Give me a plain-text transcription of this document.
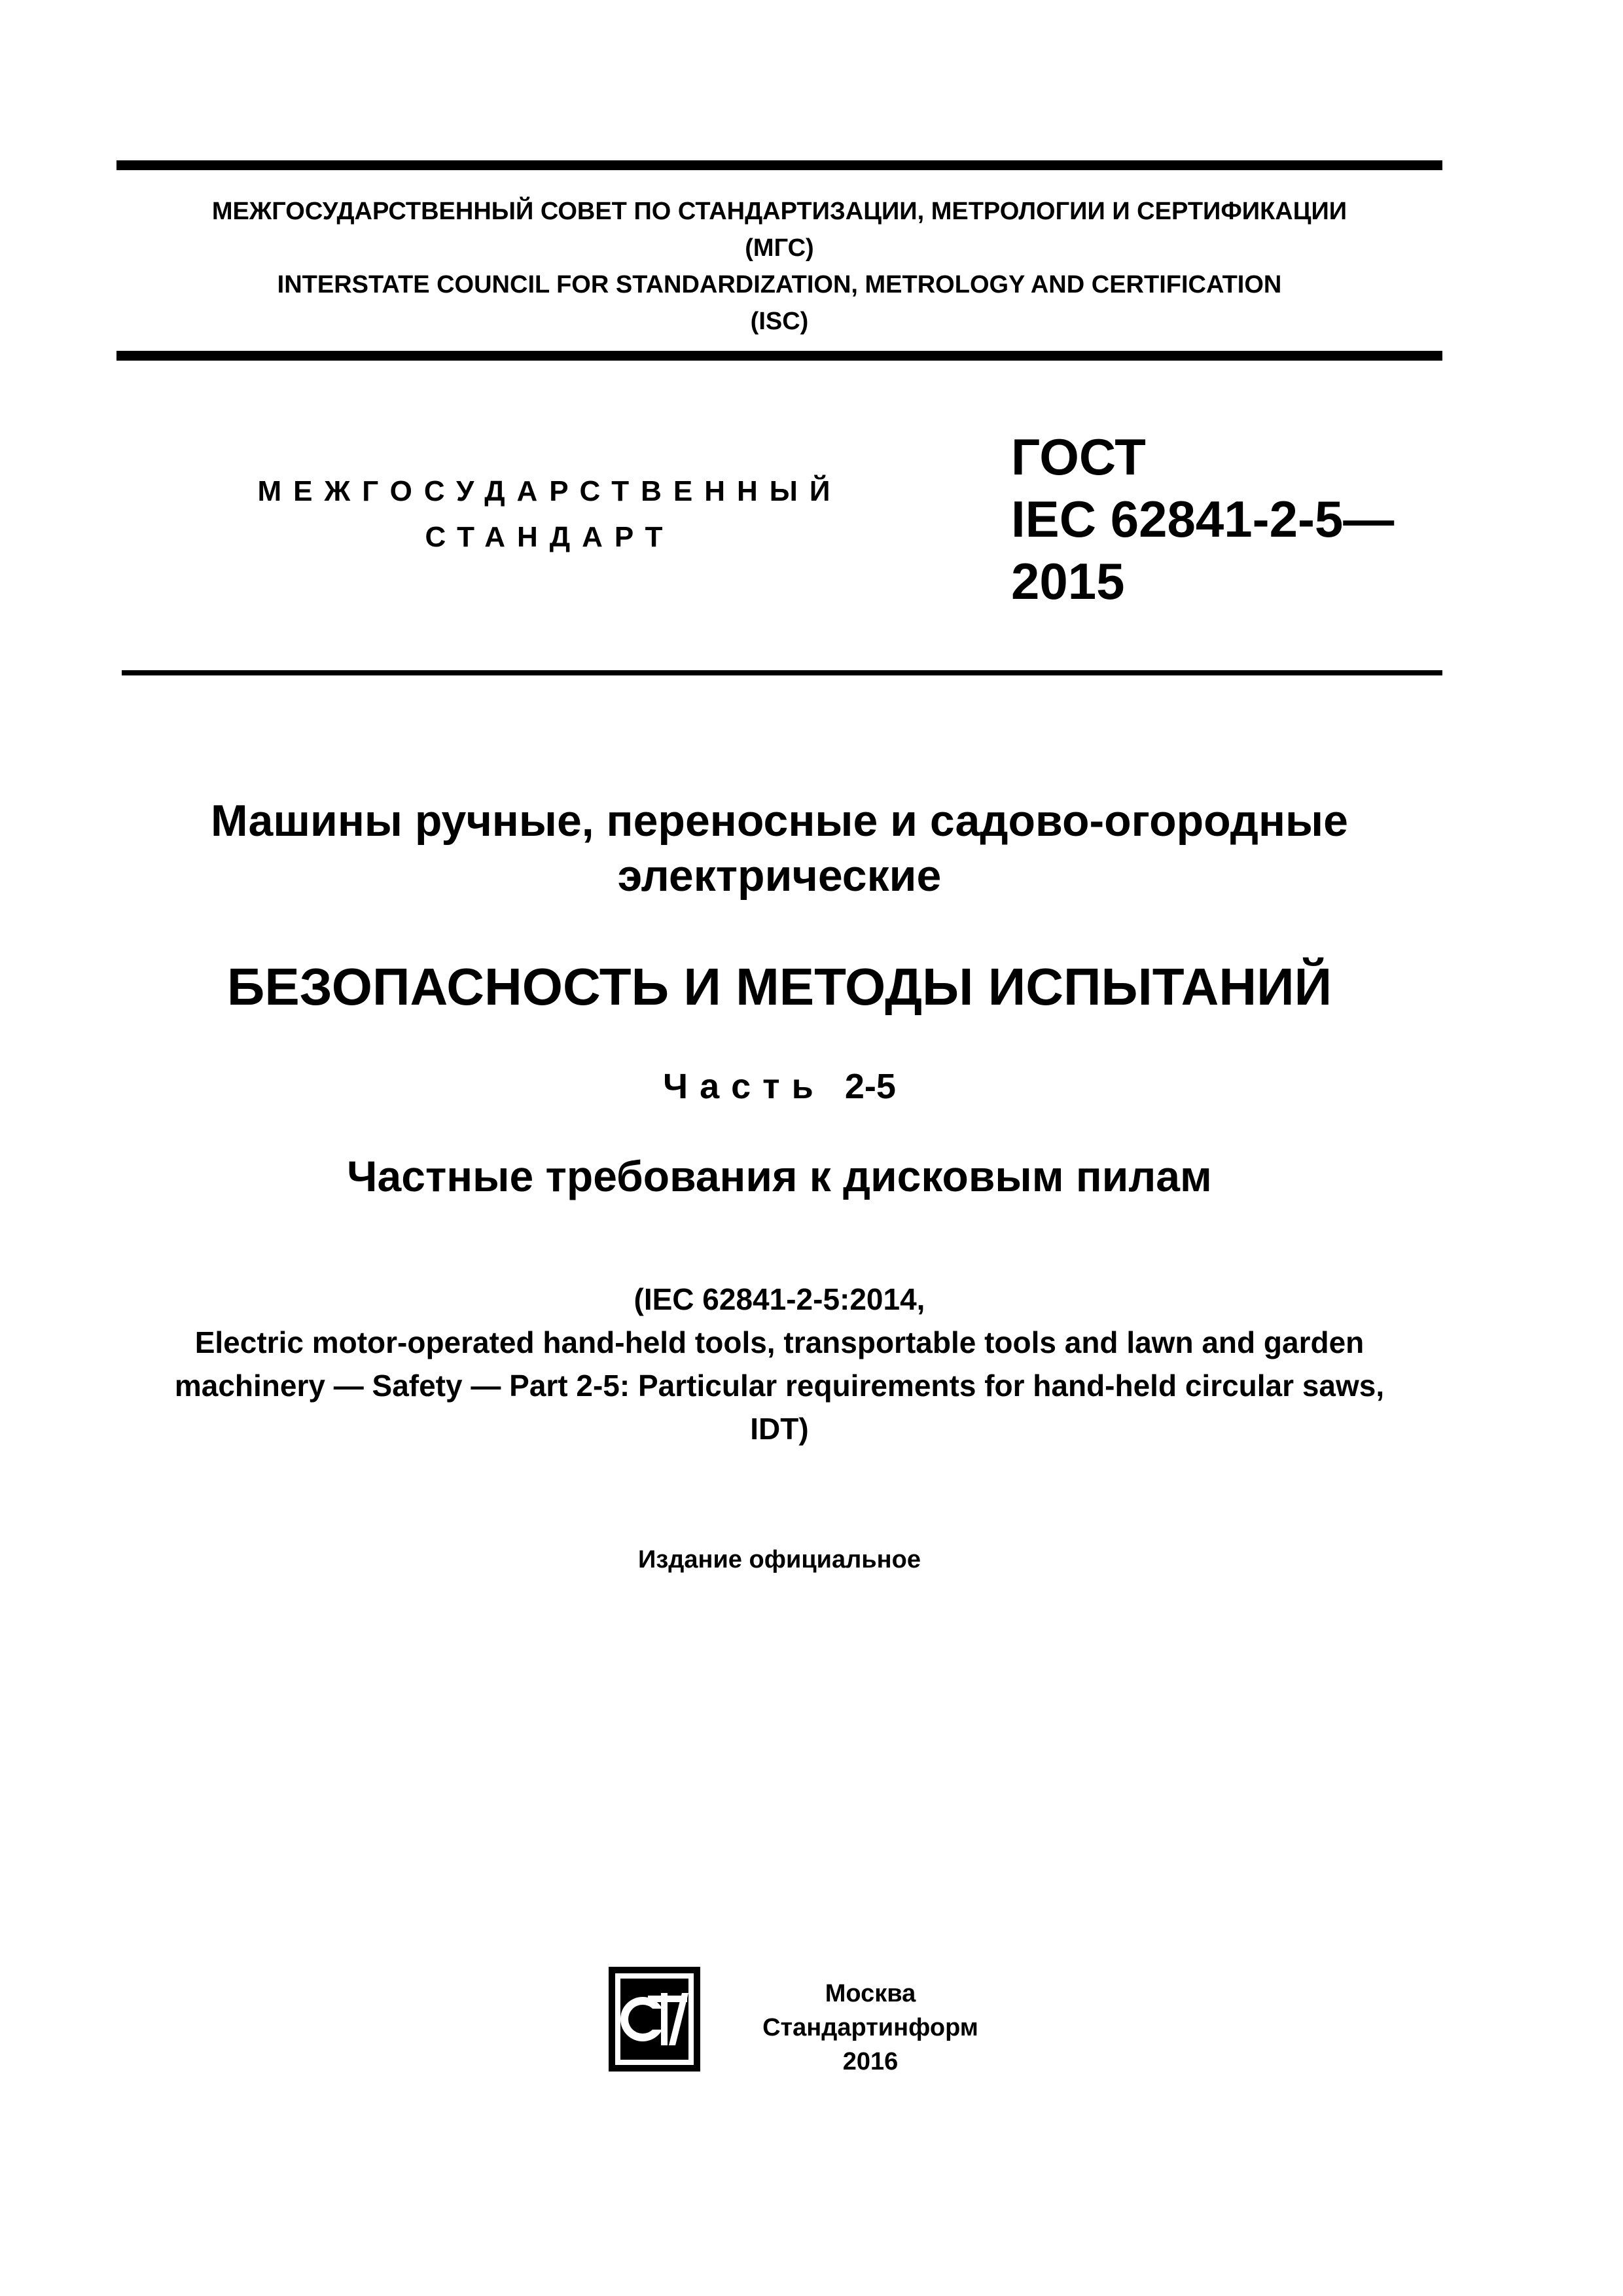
МЕЖГОСУДАРСТВЕННЫЙ СОВЕТ ПО СТАНДАРТИЗАЦИИ, МЕТРОЛОГИИ И СЕРТИФИКАЦИИ
(МГС)
INTERSTATE COUNCIL FOR STANDARDIZATION, METROLOGY AND CERTIFICATION
(ISC)
МЕЖГОСУДАРСТВЕННЫЙ
СТАНДАРТ
ГОСТ
IEC 62841-2-5—
2015
Машины ручные, переносные и садово-огородные
электрические
БЕЗОПАСНОСТЬ И МЕТОДЫ ИСПЫТАНИЙ
Часть 2-5
Частные требования к дисковым пилам
(IEC 62841-2-5:2014,
Electric motor-operated hand-held tools, transportable tools and lawn and garden
machinery — Safety — Part 2-5: Particular requirements for hand-held circular saws,
IDT)
Издание официальное
Москва
Стандартинформ
2016
